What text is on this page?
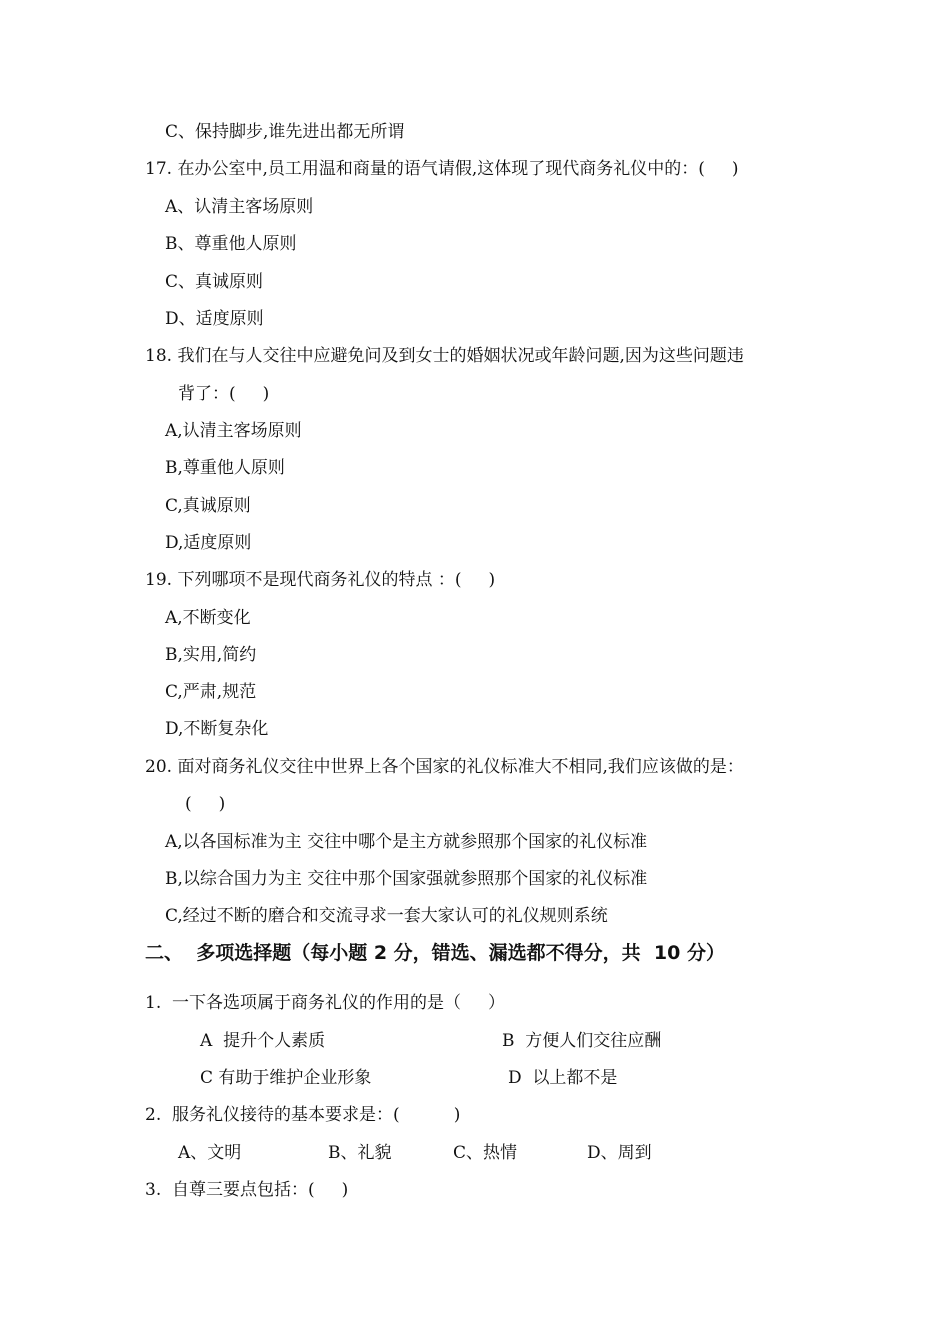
C、保持脚步,谁先进出都无所谓
17. 在办公室中,员工用温和商量的语气请假,这体现了现代商务礼仪中的：(     )
A、认清主客场原则
B、尊重他人原则
C、真诚原则
D、适度原则
18. 我们在与人交往中应避免问及到女士的婚姻状况或年龄问题,因为这些问题违
背了：(     )
A,认清主客场原则
B,尊重他人原则
C,真诚原则
D,适度原则
19. 下列哪项不是现代商务礼仪的特点 ：(     )
A,不断变化
B,实用,简约
C,严肃,规范
D,不断复杂化
20. 面对商务礼仪交往中世界上各个国家的礼仪标准大不相同,我们应该做的是：
(     )
A,以各国标准为主 交往中哪个是主方就参照那个国家的礼仪标准
B,以综合国力为主 交往中那个国家强就参照那个国家的礼仪标准
C,经过不断的磨合和交流寻求一套大家认可的礼仪规则系统
二、  多项选择题（每小题 2 分，错选、漏选都不得分，共  10 分）
1.  一下各选项属于商务礼仪的作用的是（     ）
A  提升个人素质	B  方便人们交往应酬
C 有助于维护企业形象	D  以上都不是
2.  服务礼仪接待的基本要求是：(          )
A、文明	B、礼貌	C、热情	D、周到
3.  自尊三要点包括：(     )
